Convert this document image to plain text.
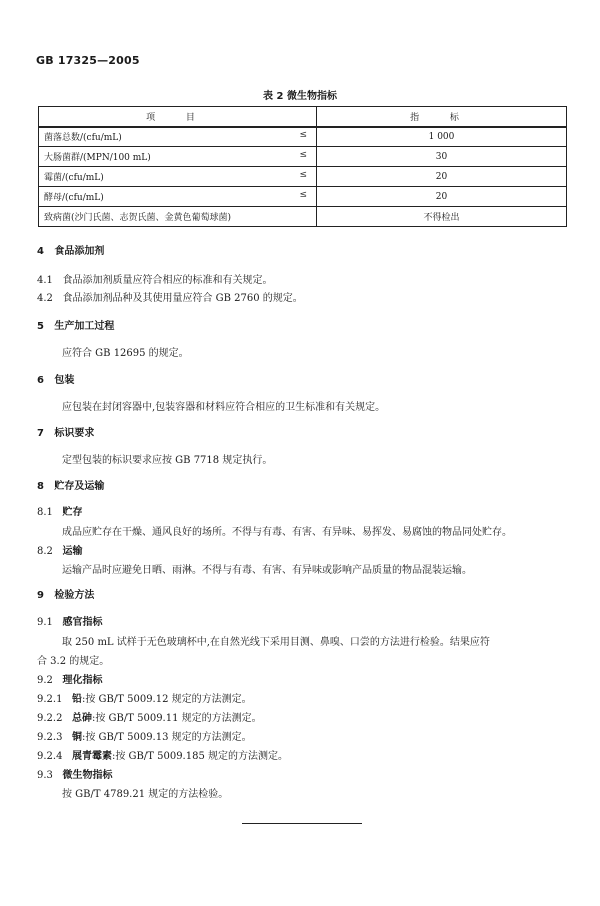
GB 17325—2005
表 2 微生物指标
项 目	指 标
菌落总数/(cfu/mL) ≤	1 000
大肠菌群/(MPN/100 mL) ≤	30
霉菌/(cfu/mL) ≤	20
酵母/(cfu/mL) ≤	20
致病菌(沙门氏菌、志贺氏菌、金黄色葡萄球菌)	不得检出
4 食品添加剂
4.1 食品添加剂质量应符合相应的标准和有关规定。
4.2 食品添加剂品种及其使用量应符合 GB 2760 的规定。
5 生产加工过程
应符合 GB 12695 的规定。
6 包装
应包装在封闭容器中,包装容器和材料应符合相应的卫生标准和有关规定。
7 标识要求
定型包装的标识要求应按 GB 7718 规定执行。
8 贮存及运输
8.1 贮存
成品应贮存在干燥、通风良好的场所。不得与有毒、有害、有异味、易挥发、易腐蚀的物品同处贮存。
8.2 运输
运输产品时应避免日晒、雨淋。不得与有毒、有害、有异味或影响产品质量的物品混装运输。
9 检验方法
9.1 感官指标
取 250 mL 试样于无色玻璃杯中,在自然光线下采用目测、鼻嗅、口尝的方法进行检验。结果应符
合 3.2 的规定。
9.2 理化指标
9.2.1 铅:按 GB/T 5009.12 规定的方法测定。
9.2.2 总砷:按 GB/T 5009.11 规定的方法测定。
9.2.3 铜:按 GB/T 5009.13 规定的方法测定。
9.2.4 展青霉素:按 GB/T 5009.185 规定的方法测定。
9.3 微生物指标
按 GB/T 4789.21 规定的方法检验。
